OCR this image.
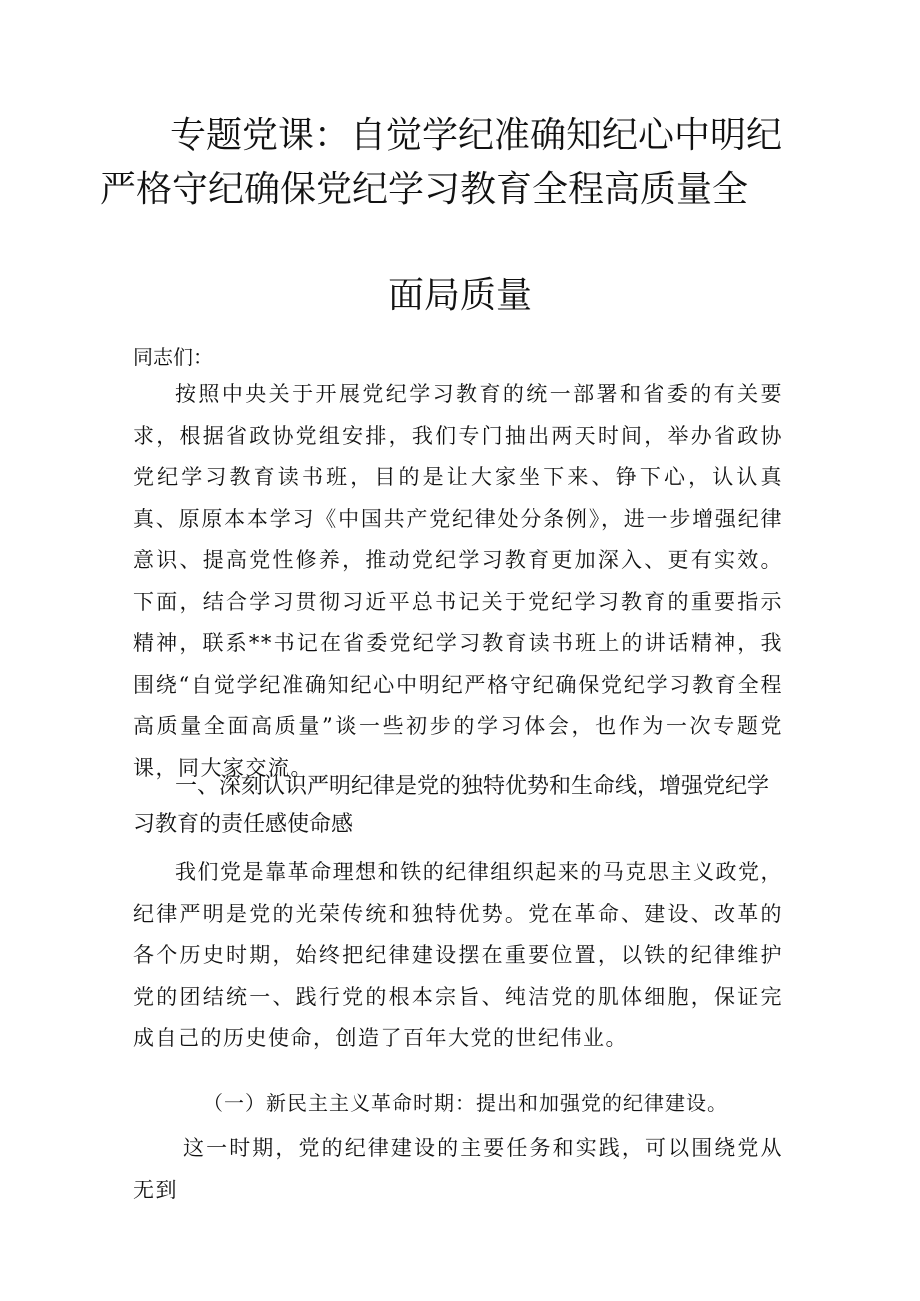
专题党课：自觉学纪准确知纪心中明纪
严格守纪确保党纪学习教育全程高质量全
面局质量
同志们：

按照中央关于开展党纪学习教育的统一部署和省委的有关要求，根据省政协党组安排，我们专门抽出两天时间，举办省政协党纪学习教育读书班，目的是让大家坐下来、铮下心，认认真真、原原本本学习《中国共产党纪律处分条例》，进一步增强纪律意识、提高党性修养，推动党纪学习教育更加深入、更有实效。下面，结合学习贯彻习近平总书记关于党纪学习教育的重要指示精神，联系**书记在省委党纪学习教育读书班上的讲话精神，我围绕“自觉学纪准确知纪心中明纪严格守纪确保党纪学习教育全程高质量全面高质量”谈一些初步的学习体会，也作为一次专题党课，同大家交流。

一、深刻认识严明纪律是党的独特优势和生命线，增强党纪学习教育的责任感使命感

我们党是靠革命理想和铁的纪律组织起来的马克思主义政党，纪律严明是党的光荣传统和独特优势。党在革命、建设、改革的各个历史时期，始终把纪律建设摆在重要位置，以铁的纪律维护党的团结统一、践行党的根本宗旨、纯洁党的肌体细胞，保证完成自己的历史使命，创造了百年大党的世纪伟业。

（一）新民主主义革命时期：提出和加强党的纪律建设。

这一时期，党的纪律建设的主要任务和实践，可以围绕党从无到
